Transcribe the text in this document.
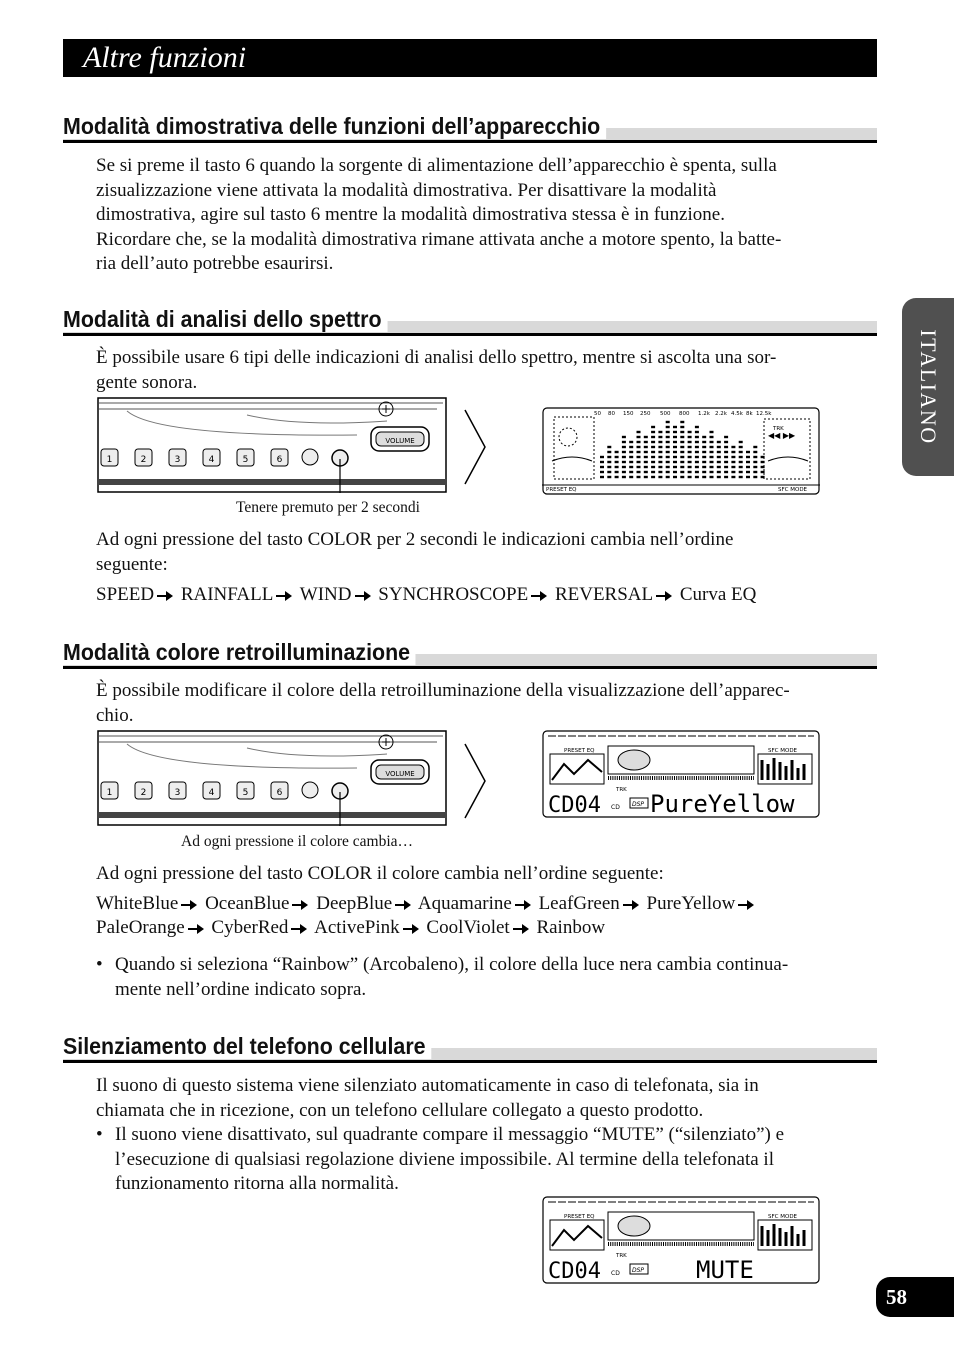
Altre funzioni
ITALIANO
Modalità dimostrativa delle funzioni dell’apparecchio

Se si preme il tasto 6 quando la sorgente di alimentazione dell’apparecchio è spenta, sulla

zisualizzazione viene attivata la modalità dimostrativa. Per disattivare la modalità

dimostrativa, agire sul tasto 6 mentre la modalità dimostrativa stessa è in funzione.

Ricordare che, se la modalità dimostrativa rimane attivata anche a motore spento, la batte-

ria dell’auto potrebbe esaurirsi.

Modalità di analisi dello spettro

È possibile usare 6 tipi delle indicazioni di analisi dello spettro, mentre si ascolta una sor-

gente sonora.

VOLUME
1	2	3	4	5	6
Tenere premuto per 2 secondi
50 80 150 250 500 800 1.2k 2.2k 4.5k 8k 12.5k
PRESET EQ	SFC MODE
TRK
◀◀ ▶▶

Ad ogni pressione del tasto COLOR per 2 secondi le indicazioni cambia nell’ordine

seguente:

SPEED RAINFALL WIND SYNCHROSCOPE REVERSAL Curva EQ
Modalità colore retroilluminazione

È possibile modificare il colore della retroilluminazione della visualizzazione dell’apparec-

chio.

VOLUME
1	2	3	4	5	6
Ad ogni pressione il colore cambia…
PRESET EQ	SFC MODE
TRK
CD04 CD DSP PureYellow

Ad ogni pressione del tasto COLOR il colore cambia nell’ordine seguente:

WhiteBlue OceanBlue DeepBlue Aquamarine LeafGreen PureYellow
PaleOrange CyberRed ActivePink CoolViolet Rainbow
• Quando si seleziona “Rainbow” (Arcobaleno), il colore della luce nera cambia continua-
mente nell’ordine indicato sopra.
Silenziamento del telefono cellulare

Il suono di questo sistema viene silenziato automaticamente in caso di telefonata, sia in

chiamata che in ricezione, con un telefono cellulare collegato a questo prodotto.

• Il suono viene disattivato, sul quadrante compare il messaggio “MUTE” (“silenziato”) e
l’esecuzione di qualsiasi regolazione diviene impossibile. Al termine della telefonata il
funzionamento ritorna alla normalità.
PRESET EQ	SFC MODE
TRK
CD04 CD DSP MUTE
58
